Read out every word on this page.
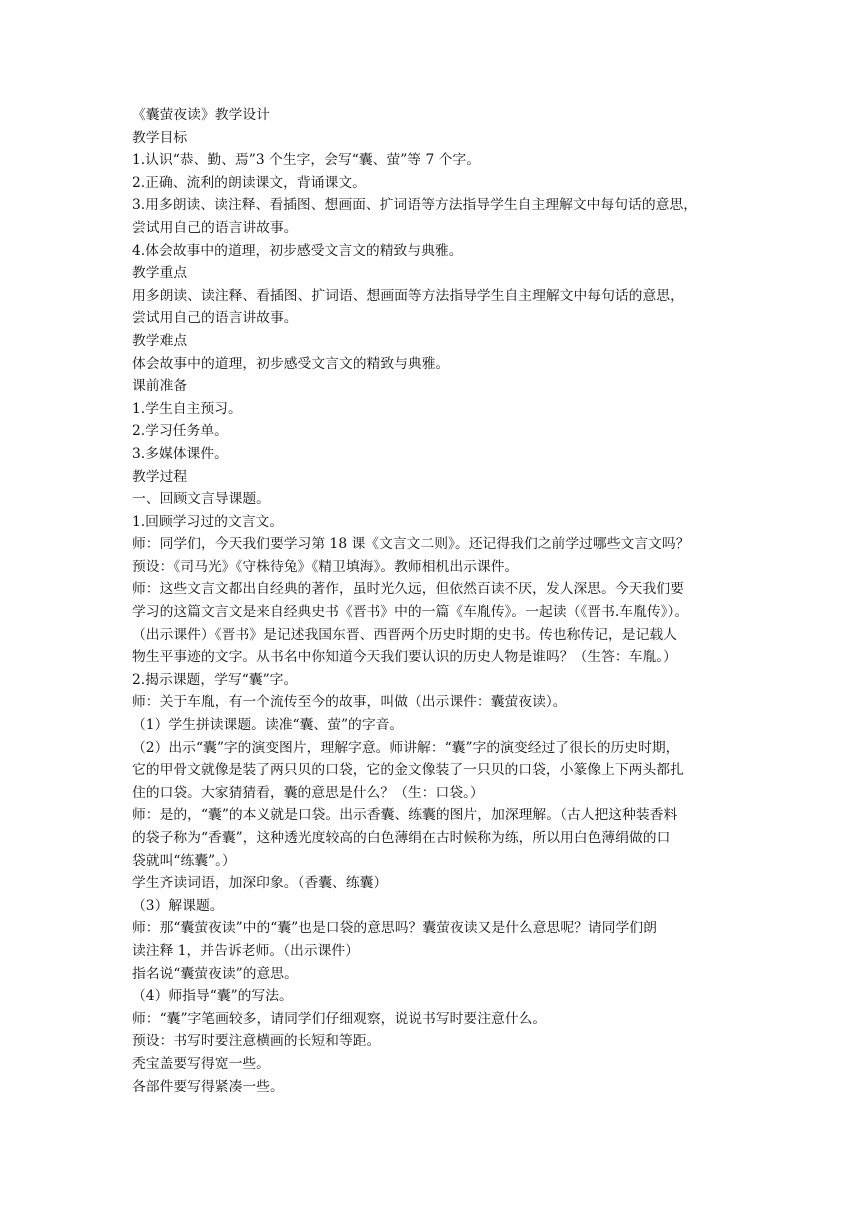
《囊萤夜读》教学设计
教学目标
1.认识“恭、勤、焉”3 个生字，会写“囊、萤”等 7 个字。
2.正确、流利的朗读课文，背诵课文。
3.用多朗读、读注释、看插图、想画面、扩词语等方法指导学生自主理解文中每句话的意思，
尝试用自己的语言讲故事。
4.体会故事中的道理，初步感受文言文的精致与典雅。
教学重点
用多朗读、读注释、看插图、扩词语、想画面等方法指导学生自主理解文中每句话的意思，
尝试用自己的语言讲故事。
教学难点
体会故事中的道理，初步感受文言文的精致与典雅。
课前准备
1.学生自主预习。
2.学习任务单。
3.多媒体课件。
教学过程
一、回顾文言导课题。
1.回顾学习过的文言文。
师：同学们，今天我们要学习第 18 课《文言文二则》。还记得我们之前学过哪些文言文吗？
预设：《司马光》《守株待兔》《精卫填海》。教师相机出示课件。
师：这些文言文都出自经典的著作，虽时光久远，但依然百读不厌，发人深思。今天我们要
学习的这篇文言文是来自经典史书《晋书》中的一篇《车胤传》。一起读（《晋书.车胤传》）。
（出示课件）《晋书》是记述我国东晋、西晋两个历史时期的史书。传也称传记，是记载人
物生平事迹的文字。从书名中你知道今天我们要认识的历史人物是谁吗？（生答：车胤。）
2.揭示课题，学写“囊”字。
师：关于车胤，有一个流传至今的故事，叫做（出示课件：囊萤夜读）。
（1）学生拼读课题。读准“囊、萤”的字音。
（2）出示“囊”字的演变图片，理解字意。师讲解：“囊”字的演变经过了很长的历史时期，
它的甲骨文就像是装了两只贝的口袋，它的金文像装了一只贝的口袋，小篆像上下两头都扎
住的口袋。大家猜猜看，囊的意思是什么？（生：口袋。）
师：是的，“囊”的本义就是口袋。出示香囊、练囊的图片，加深理解。（古人把这种装香料
的袋子称为“香囊”，这种透光度较高的白色薄绢在古时候称为练，所以用白色薄绢做的口
袋就叫“练囊”。）
学生齐读词语，加深印象。（香囊、练囊）
（3）解课题。
师：那“囊萤夜读”中的“囊”也是口袋的意思吗？囊萤夜读又是什么意思呢？请同学们朗
读注释 1，并告诉老师。（出示课件）
指名说“囊萤夜读”的意思。
（4）师指导“囊”的写法。
师：“囊”字笔画较多，请同学们仔细观察，说说书写时要注意什么。
预设：书写时要注意横画的长短和等距。
秃宝盖要写得宽一些。
各部件要写得紧凑一些。
